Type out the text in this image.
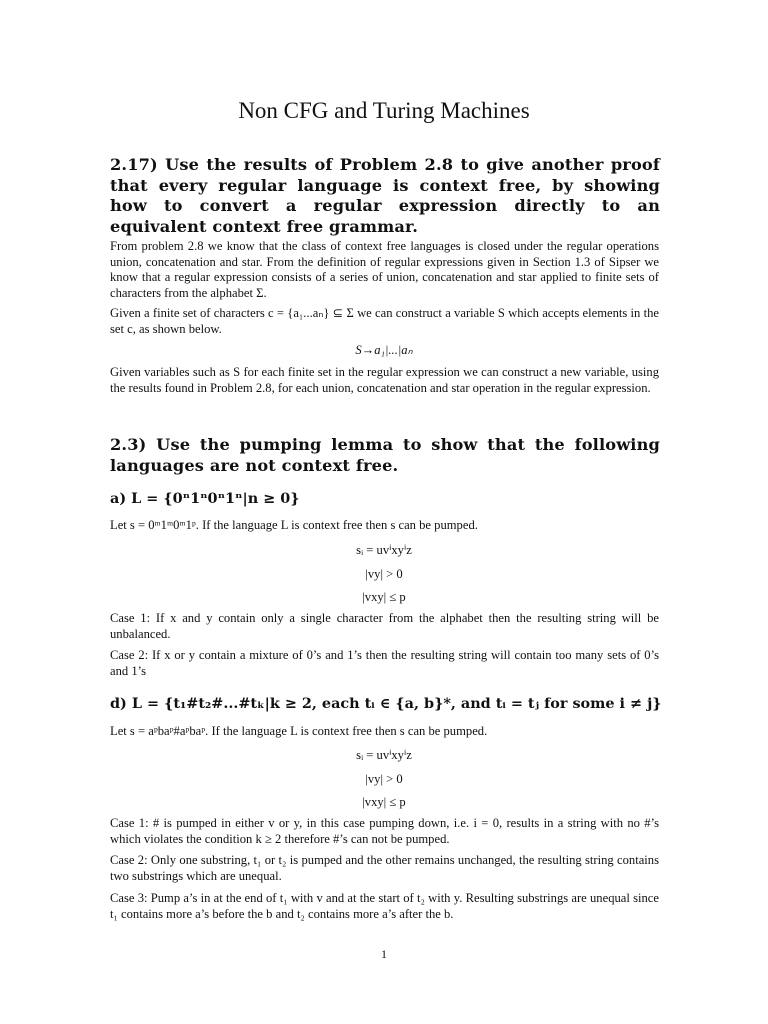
Non CFG and Turing Machines
2.17) Use the results of Problem 2.8 to give another proof that every regular language is context free, by showing how to convert a regular expression directly to an equivalent context free grammar.

From problem 2.8 we know that the class of context free languages is closed under the regular operations union, concatenation and star. From the definition of regular expressions given in Section 1.3 of Sipser we know that a regular expression consists of a series of union, concatenation and star applied to finite sets of characters from the alphabet Σ.

Given a finite set of characters c = {a₁...aₙ} ⊆ Σ we can construct a variable S which accepts elements in the set c, as shown below.

S→a₁|...|aₙ

Given variables such as S for each finite set in the regular expression we can construct a new variable, using the results found in Problem 2.8, for each union, concatenation and star operation in the regular expression.

2.3) Use the pumping lemma to show that the following languages are not context free.
a) L = {0ⁿ1ⁿ0ⁿ1ⁿ|n ≥ 0}

Let s = 0ᵐ1ᵐ0ᵐ1ᵖ. If the language L is context free then s can be pumped.

sᵢ = uvⁱxyⁱz
|vy| > 0
|vxy| ≤ p

Case 1: If x and y contain only a single character from the alphabet then the resulting string will be unbalanced.

Case 2: If x or y contain a mixture of 0’s and 1’s then the resulting string will contain too many sets of 0’s and 1’s

d) L = {t₁#t₂#...#tₖ|k ≥ 2, each tᵢ ∈ {a, b}*, and tᵢ = tⱼ for some i ≠ j}

Let s = aᵖbaᵖ#aᵖbaᵖ. If the language L is context free then s can be pumped.

sᵢ = uvⁱxyⁱz
|vy| > 0
|vxy| ≤ p

Case 1: # is pumped in either v or y, in this case pumping down, i.e. i = 0, results in a string with no #’s which violates the condition k ≥ 2 therefore #’s can not be pumped.

Case 2: Only one substring, t₁ or t₂ is pumped and the other remains unchanged, the resulting string contains two substrings which are unequal.

Case 3: Pump a’s in at the end of t₁ with v and at the start of t₂ with y. Resulting substrings are unequal since t₁ contains more a’s before the b and t₂ contains more a’s after the b.

1
